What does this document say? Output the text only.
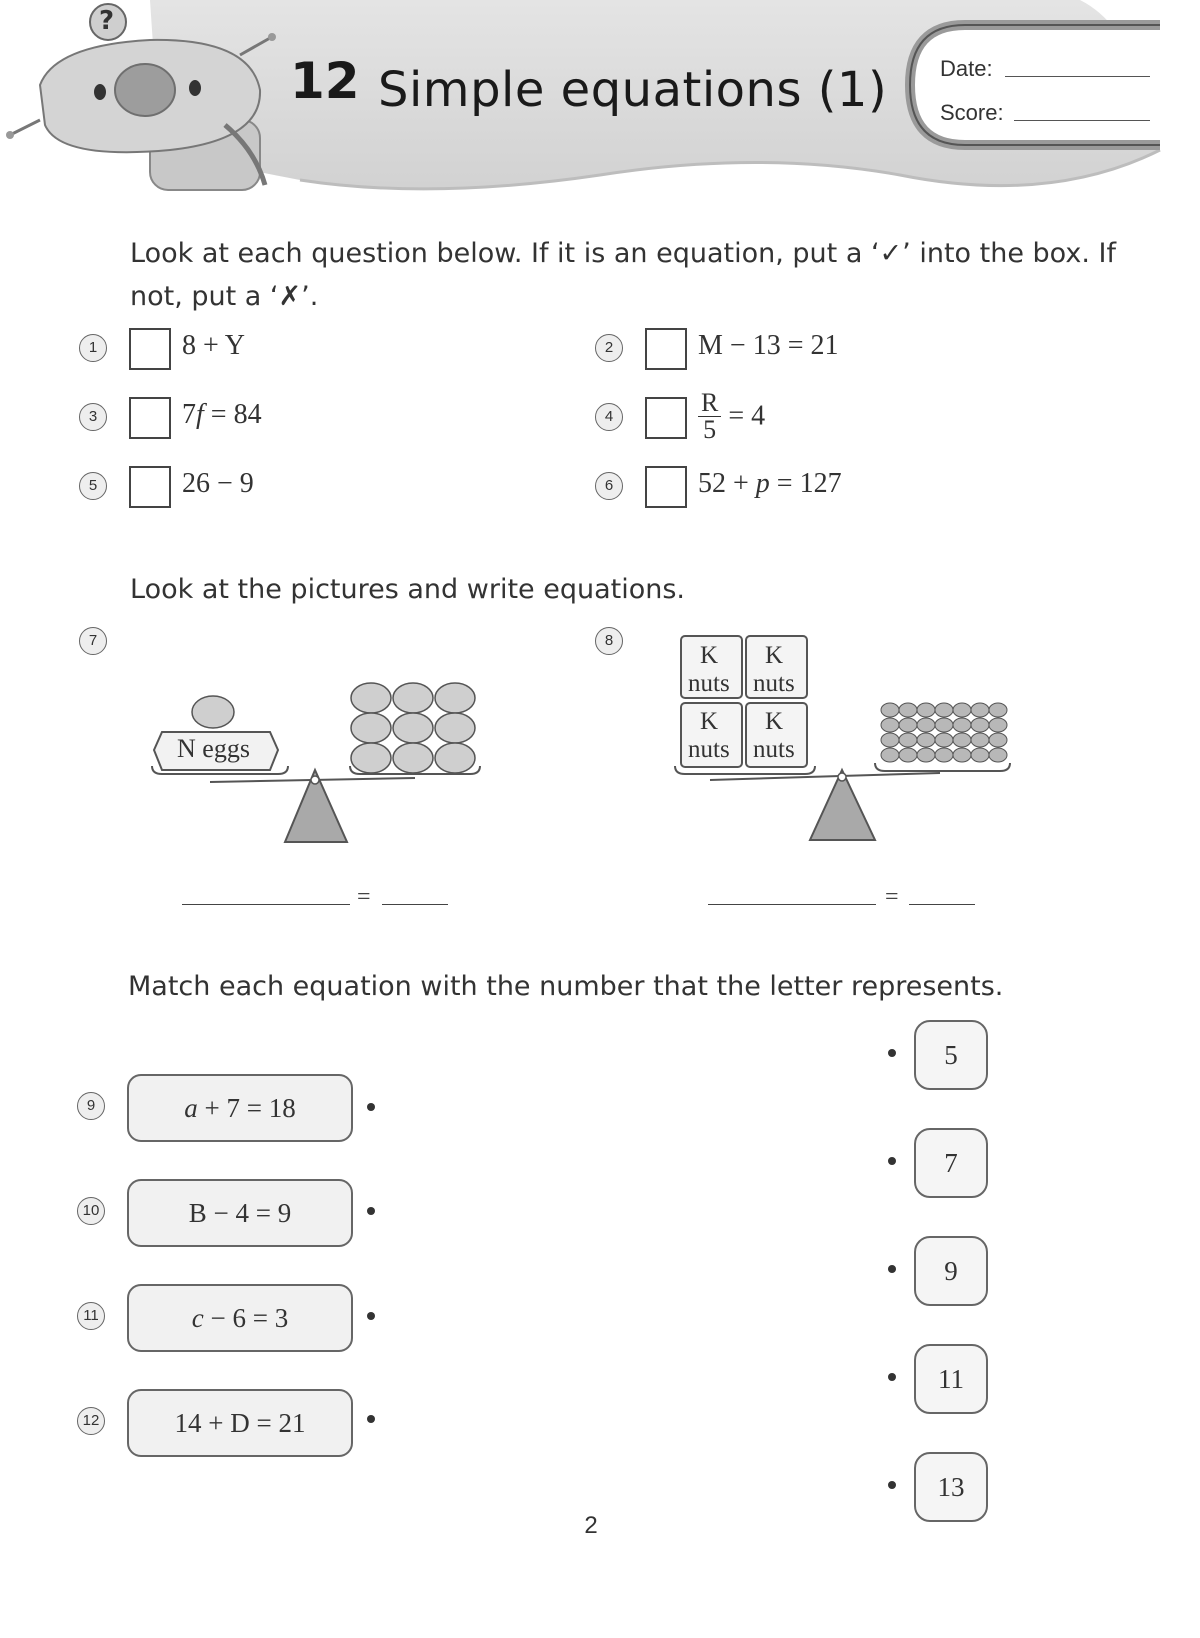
?
12 Simple equations (1) Date:
Score:
Look at each question below. If it is an equation, put a ‘✓’ into the box. If
not, put a ‘✗’.
1	8 + Y	2	M − 13 = 21
3	7f = 84	4	$\frac{R}{5} = 4$
5	26 − 9	6	52 + p = 127
Look at the pictures and write equations.
7
N eggs
=
8
K
nuts
K
nuts
K
nuts
K
nuts
=
Match each equation with the number that the letter represents.
9	a + 7 = 18
10	B − 4 = 9
11	c − 6 = 3
12	14 + D = 21
5
7
9
11
13
2
